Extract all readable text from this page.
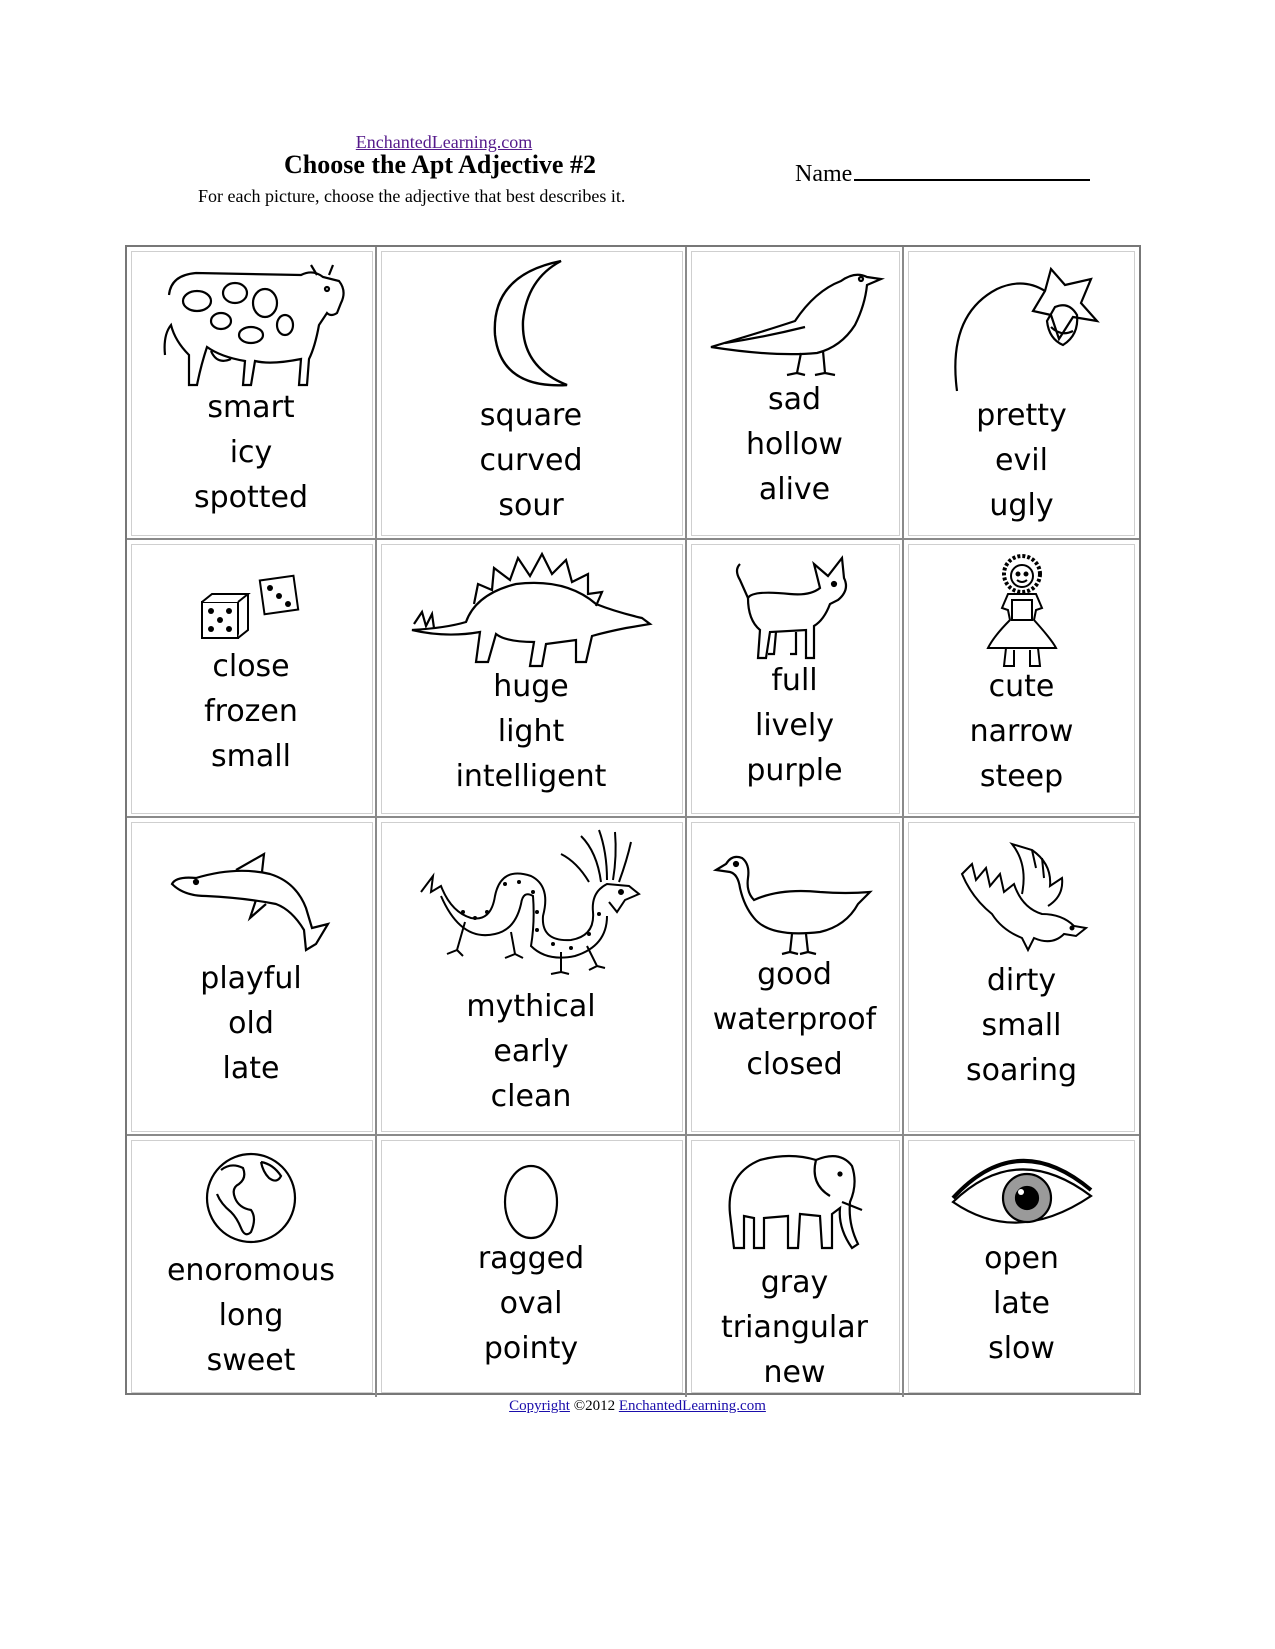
EnchantedLearning.com
Choose the Apt Adjective #2	Name
For each picture, choose the adjective that best describes it.
smart
icy
spotted
square
curved
sour
sad
hollow
alive
pretty
evil
ugly
close
frozen
small
huge
light
intelligent
full
lively
purple
cute
narrow
steep
playful
old
late
mythical
early
clean
good
waterproof
closed
dirty
small
soaring
enoromous
long
sweet
ragged
oval
pointy
gray
triangular
new
open
late
slow
Copyright ©2012 EnchantedLearning.com
